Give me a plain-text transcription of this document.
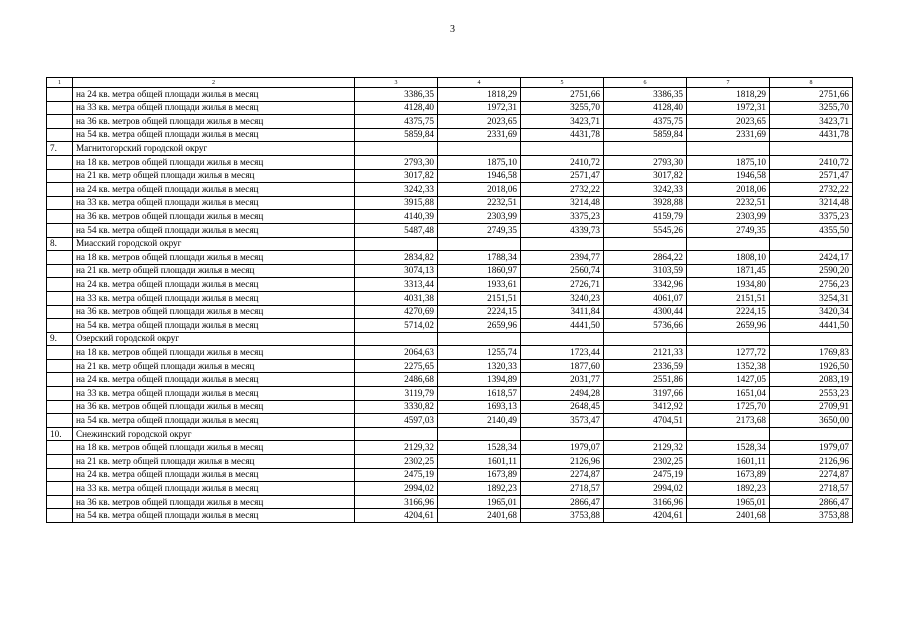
3
1	2	3	4	5	6	7	8
	на 24 кв. метра общей площади жилья в месяц	3386,35	1818,29	2751,66	3386,35	1818,29	2751,66
	на 33 кв. метра общей площади жилья в месяц	4128,40	1972,31	3255,70	4128,40	1972,31	3255,70
	на 36 кв. метров общей площади жилья в месяц	4375,75	2023,65	3423,71	4375,75	2023,65	3423,71
	на 54 кв. метра общей площади жилья в месяц	5859,84	2331,69	4431,78	5859,84	2331,69	4431,78
7.	Магнитогорский городской округ						
	на 18 кв. метров общей площади жилья в месяц	2793,30	1875,10	2410,72	2793,30	1875,10	2410,72
	на 21 кв. метр общей площади жилья в месяц	3017,82	1946,58	2571,47	3017,82	1946,58	2571,47
	на 24 кв. метра общей площади жилья в месяц	3242,33	2018,06	2732,22	3242,33	2018,06	2732,22
	на 33 кв. метра общей площади жилья в месяц	3915,88	2232,51	3214,48	3928,88	2232,51	3214,48
	на 36 кв. метров общей площади жилья в месяц	4140,39	2303,99	3375,23	4159,79	2303,99	3375,23
	на 54 кв. метра общей площади жилья в месяц	5487,48	2749,35	4339,73	5545,26	2749,35	4355,50
8.	Миасский городской округ						
	на 18 кв. метров общей площади жилья в месяц	2834,82	1788,34	2394,77	2864,22	1808,10	2424,17
	на 21 кв. метр общей площади жилья в месяц	3074,13	1860,97	2560,74	3103,59	1871,45	2590,20
	на 24 кв. метра общей площади жилья в месяц	3313,44	1933,61	2726,71	3342,96	1934,80	2756,23
	на 33 кв. метра общей площади жилья в месяц	4031,38	2151,51	3240,23	4061,07	2151,51	3254,31
	на 36 кв. метров общей площади жилья в месяц	4270,69	2224,15	3411,84	4300,44	2224,15	3420,34
	на 54 кв. метра общей площади жилья в месяц	5714,02	2659,96	4441,50	5736,66	2659,96	4441,50
9.	Озерский городской округ						
	на 18 кв. метров общей площади жилья в месяц	2064,63	1255,74	1723,44	2121,33	1277,72	1769,83
	на 21 кв. метр общей площади жилья в месяц	2275,65	1320,33	1877,60	2336,59	1352,38	1926,50
	на 24 кв. метра общей площади жилья в месяц	2486,68	1394,89	2031,77	2551,86	1427,05	2083,19
	на 33 кв. метра общей площади жилья в месяц	3119,79	1618,57	2494,28	3197,66	1651,04	2553,23
	на 36 кв. метров общей площади жилья в месяц	3330,82	1693,13	2648,45	3412,92	1725,70	2709,91
	на 54 кв. метра общей площади жилья в месяц	4597,03	2140,49	3573,47	4704,51	2173,68	3650,00
10.	Снежинский городской округ						
	на 18 кв. метров общей площади жилья в месяц	2129,32	1528,34	1979,07	2129,32	1528,34	1979,07
	на 21 кв. метр общей площади жилья в месяц	2302,25	1601,11	2126,96	2302,25	1601,11	2126,96
	на 24 кв. метра общей площади жилья в месяц	2475,19	1673,89	2274,87	2475,19	1673,89	2274,87
	на 33 кв. метра общей площади жилья в месяц	2994,02	1892,23	2718,57	2994,02	1892,23	2718,57
	на 36 кв. метров общей площади жилья в месяц	3166,96	1965,01	2866,47	3166,96	1965,01	2866,47
	на 54 кв. метра общей площади жилья в месяц	4204,61	2401,68	3753,88	4204,61	2401,68	3753,88
